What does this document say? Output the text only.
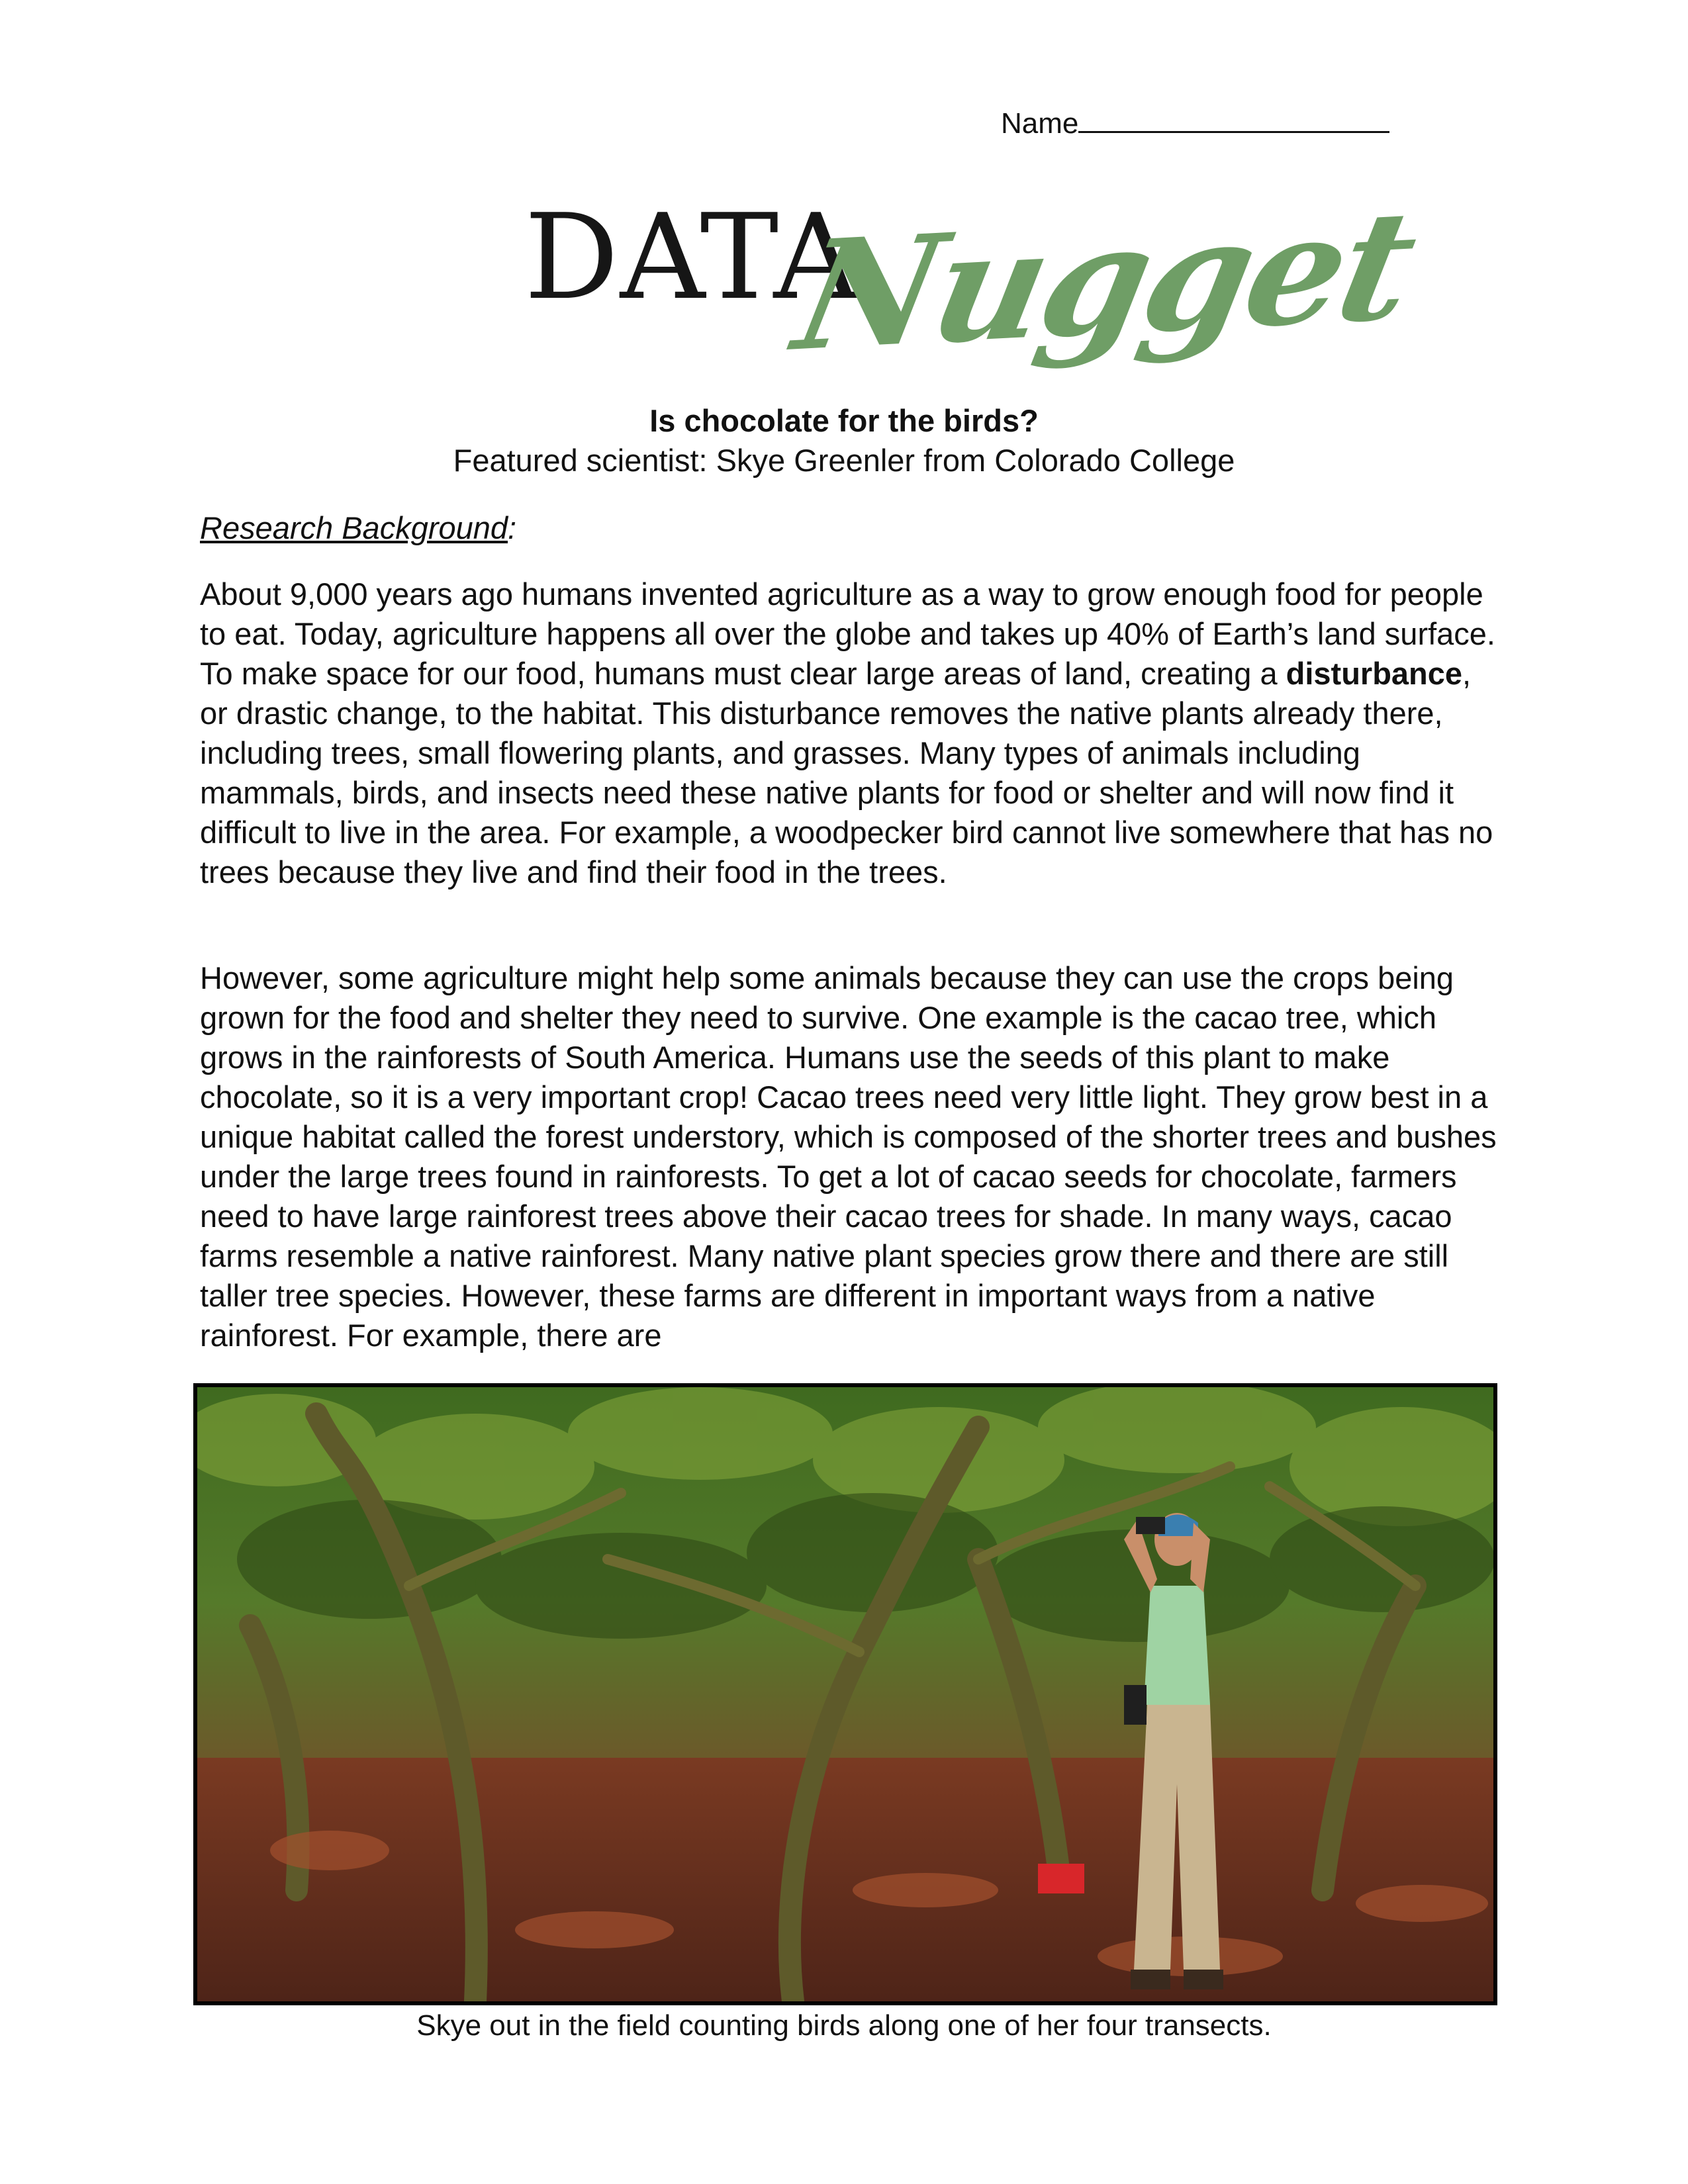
Name
DATA
Nugget
Is chocolate for the birds?
Featured scientist: Skye Greenler from Colorado College
Research Background:

About 9,000 years ago humans invented agriculture as a way to grow enough food for people to eat. Today, agriculture happens all over the globe and takes up 40% of Earth’s land surface. To make space for our food, humans must clear large areas of land, creating a disturbance, or drastic change, to the habitat. This disturbance removes the native plants already there, including trees, small flowering plants, and grasses. Many types of animals including mammals, birds, and insects need these native plants for food or shelter and will now find it difficult to live in the area. For example, a woodpecker bird cannot live somewhere that has no trees because they live and find their food in the trees.

However, some agriculture might help some animals because they can use the crops being grown for the food and shelter they need to survive. One example is the cacao tree, which grows in the rainforests of South America. Humans use the seeds of this plant to make chocolate, so it is a very important crop! Cacao trees need very little light. They grow best in a unique habitat called the forest understory, which is composed of the shorter trees and bushes under the large trees found in rainforests. To get a lot of cacao seeds for chocolate, farmers need to have large rainforest trees above their cacao trees for shade. In many ways, cacao farms resemble a native rainforest. Many native plant species grow there and there are still taller tree species. However, these farms are different in important ways from a native rainforest. For example, there are

Skye out in the field counting birds along one of her four transects.
